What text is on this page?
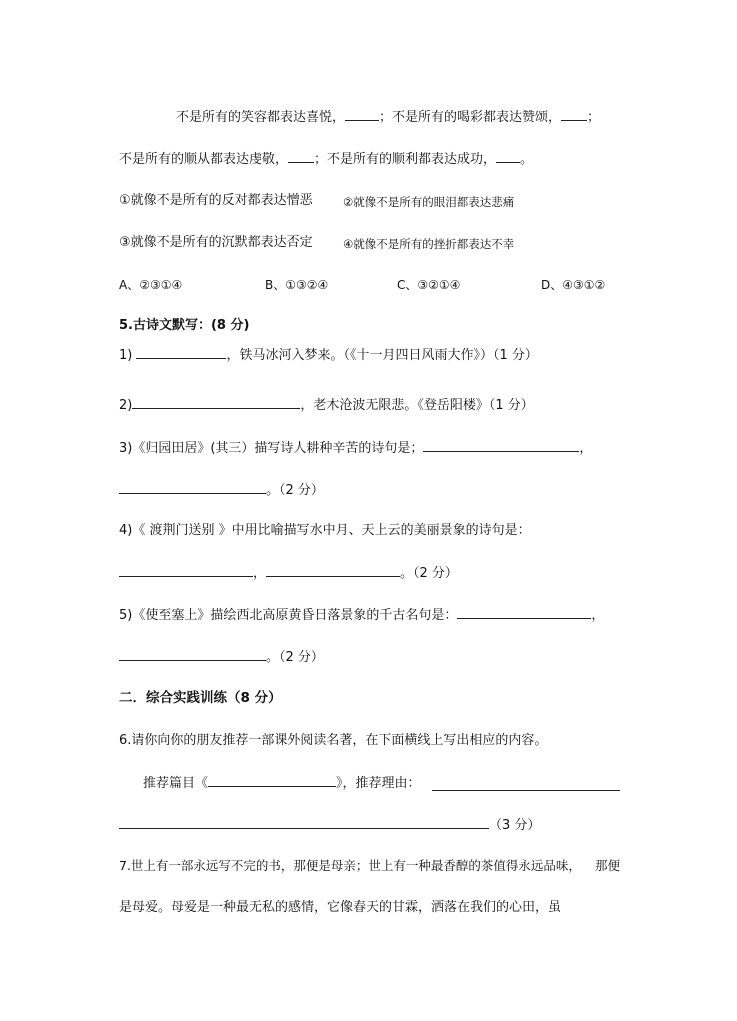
不是所有的笑容都表达喜悦，	；不是所有的喝彩都表达赞颂， ；
不是所有的顺从都表达虔敬， ；不是所有的顺利都表达成功， 。
①就像不是所有的反对都表达憎恶	②就像不是所有的眼泪都表达悲痛
③就像不是所有的沉默都表达否定	④就像不是所有的挫折都表达不幸
A、②③①④	B、①③②④	C、③②①④	D、④③①②
5.古诗文默写：(8 分)
1)	，铁马冰河入梦来。（《十一月四日风雨大作》）（1 分）
2)	，老木沧波无限悲。《登岳阳楼》（1 分）
3)《归园田居》(其三）描写诗人耕种辛苦的诗句是；	，
。（2 分）
4)《 渡荆门送别 》中用比喻描写水中月、天上云的美丽景象的诗句是：
，	。（2 分）
5)《使至塞上》描绘西北高原黄昏日落景象的千古名句是：	，
。（2 分）
二．综合实践训练（8 分）
6.请你向你的朋友推荐一部课外阅读名著，在下面横线上写出相应的内容。
推荐篇目《	》，推荐理由：
（3 分）
7.世上有一部永远写不完的书，那便是母亲；世上有一种最香醇的茶值得永远品味， 那便
是母爱。母爱是一种最无私的感情，它像春天的甘霖，洒落在我们的心田，虽
